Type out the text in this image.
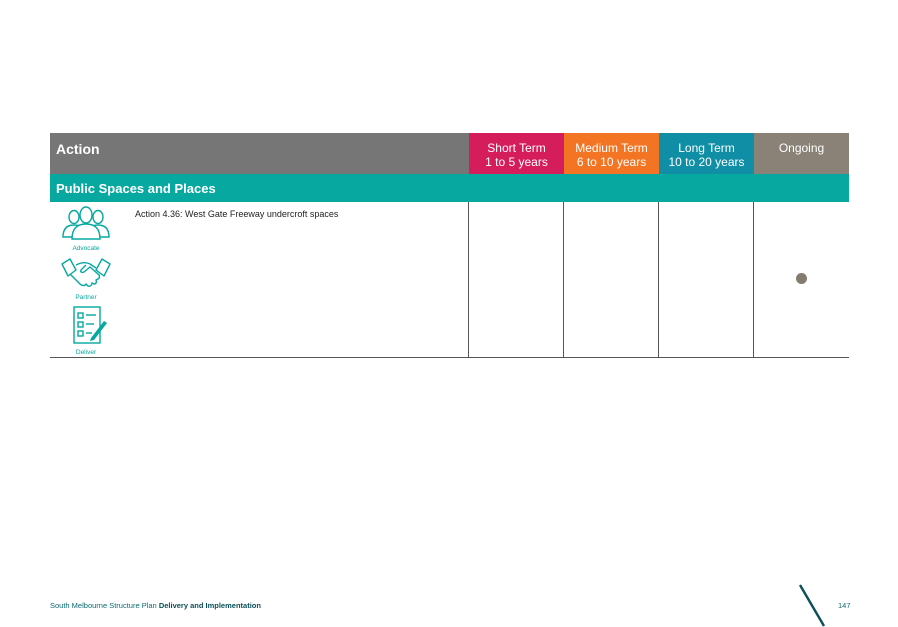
Action	Short Term
1 to 5 years
Medium Term
6 to 10 years
Long Term
10 to 20 years
Ongoing
Public Spaces and Places
Advocate
Partner
Deliver
Action 4.36: West Gate Freeway undercroft spaces
South Melbourne Structure Plan Delivery and Implementation	147
